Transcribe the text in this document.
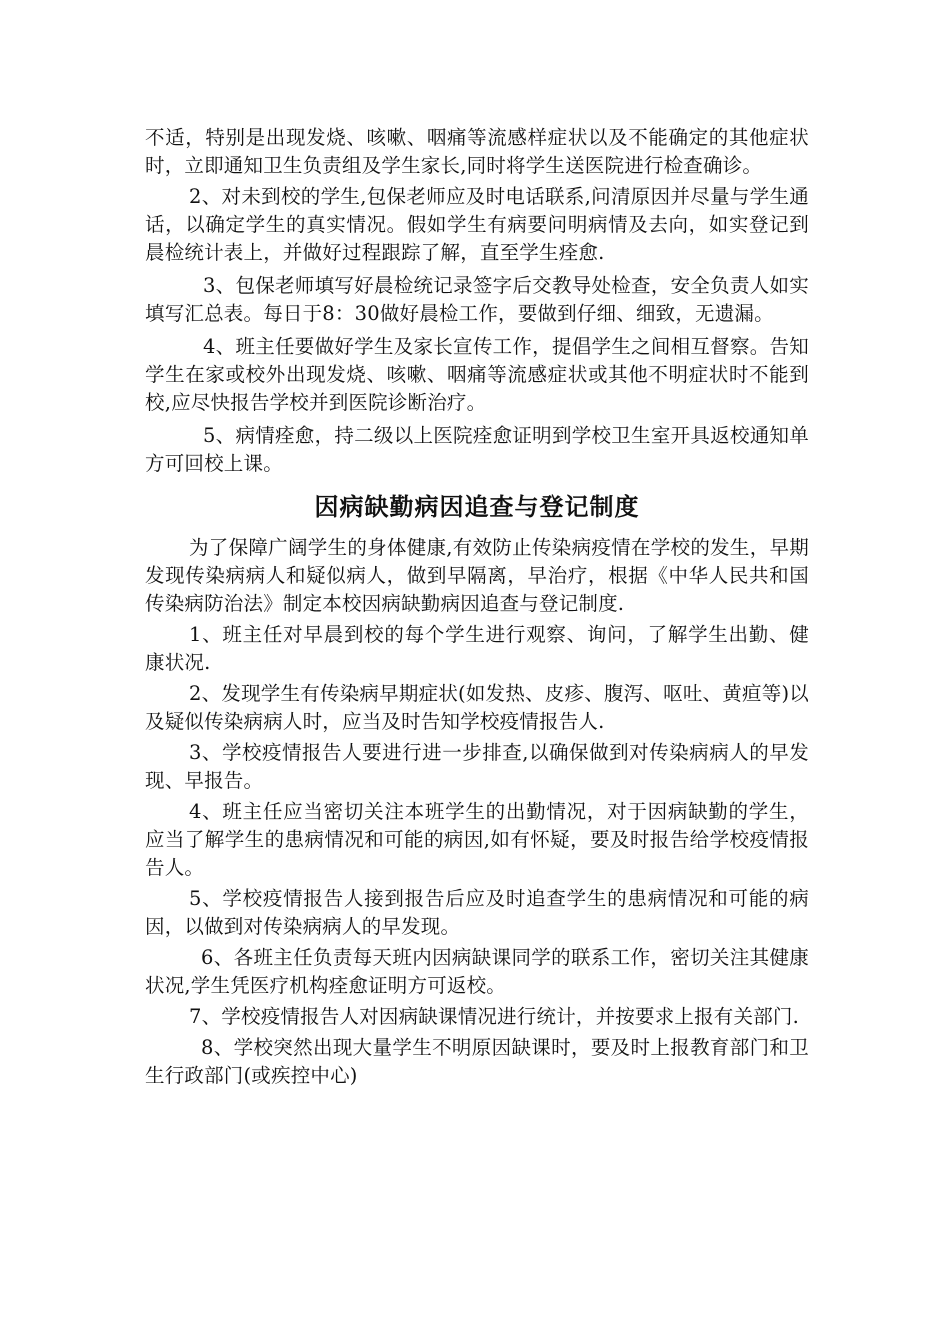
不适，特别是出现发烧、咳嗽、咽痛等流感样症状以及不能确定的其他症状时，立即通知卫生负责组及学生家长,同时将学生送医院进行检查确诊。

2、对未到校的学生,包保老师应及时电话联系,问清原因并尽量与学生通话，以确定学生的真实情况。假如学生有病要问明病情及去向，如实登记到晨检统计表上，并做好过程跟踪了解，直至学生痊愈.

3、包保老师填写好晨检统记录签字后交教导处检查，安全负责人如实填写汇总表。每日于8：30做好晨检工作，要做到仔细、细致，无遗漏。

4、班主任要做好学生及家长宣传工作，提倡学生之间相互督察。告知学生在家或校外出现发烧、咳嗽、咽痛等流感症状或其他不明症状时不能到校,应尽快报告学校并到医院诊断治疗。

5、病情痊愈，持二级以上医院痊愈证明到学校卫生室开具返校通知单方可回校上课。

因病缺勤病因追查与登记制度

为了保障广阔学生的身体健康,有效防止传染病疫情在学校的发生，早期发现传染病病人和疑似病人，做到早隔离，早治疗，根据《中华人民共和国传染病防治法》制定本校因病缺勤病因追查与登记制度.

1、班主任对早晨到校的每个学生进行观察、询问，了解学生出勤、健康状况.

2、发现学生有传染病早期症状(如发热、皮疹、腹泻、呕吐、黄疸等)以及疑似传染病病人时，应当及时告知学校疫情报告人.

3、学校疫情报告人要进行进一步排查,以确保做到对传染病病人的早发现、早报告。

4、班主任应当密切关注本班学生的出勤情况，对于因病缺勤的学生，应当了解学生的患病情况和可能的病因,如有怀疑，要及时报告给学校疫情报告人。

5、学校疫情报告人接到报告后应及时追查学生的患病情况和可能的病因，以做到对传染病病人的早发现。

6、各班主任负责每天班内因病缺课同学的联系工作，密切关注其健康状况,学生凭医疗机构痊愈证明方可返校。

7、学校疫情报告人对因病缺课情况进行统计，并按要求上报有关部门.

8、学校突然出现大量学生不明原因缺课时，要及时上报教育部门和卫生行政部门(或疾控中心)
